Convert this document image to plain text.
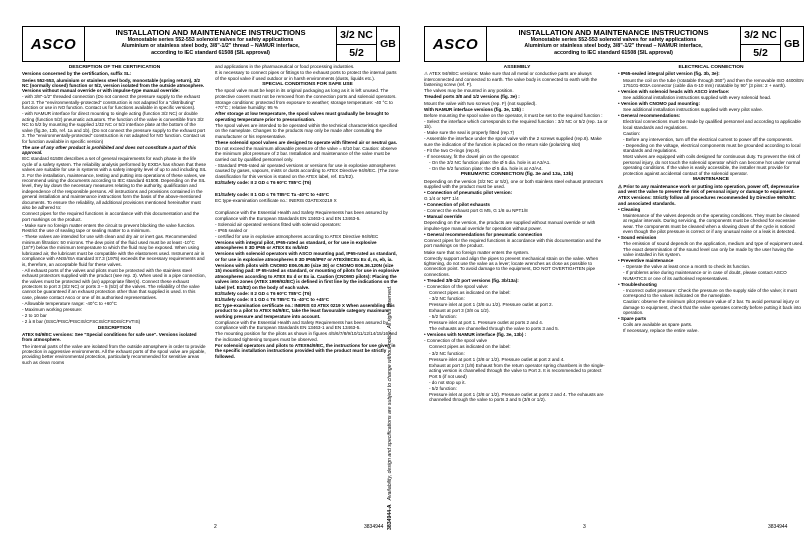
ASCO
INSTALLATION AND MAINTENANCE INSTRUCTIONS
Monostable series 552-553 solenoid valves for safety applications
Aluminium or stainless steel body, 3/8"-1/2" thread – NAMUR interface,
according to IEC standard 61508 (SIL approval)
3/2 NC
5/2
GB
DESCRIPTION OF THE CERTIFICATION

Versions concerned by the certification, suffix SL:

Series 552-553, aluminium or stainless steel body, monostable (spring return), 3/2 NC (normally closed) function or 5/2, version isolated from the outside atmosphere. Versions without manual override or with impulse-type manual override:

- with 3/8"-1/2" threaded connection (Do not connect the pressure supply to the exhaust port 3. The "environmentally-protected" construction is not adapted for a "distributing" function or use in NO function. Contact us for functions available in specific versions).

- with NAMUR interface for direct mounting to single acting (function 3/2 NC) or double acting (function 5/2) pneumatic actuators. The function of the valve is convertible from 3/2 NC to 5/2 by mounting the supplied 1/32 NC or 5/2 interface plate at the bottom of the valve (fig.3e, 13b, ref. 1a and 1b). (Do not connect the pressure supply to the exhaust port 3. The "environmentally-protected" construction is not adapted for NO function. Contact us for function available in specific version)

The use of any other product is prohibited and does not constitute a part of this approval.

IEC standard 61508 describes a set of general requirements for each phase in the life cycle of a safety system. The reliability analysis performed by EXIDA has shown that these valves are suitable for use in systems with a safety integrity level of up to and including SIL 3. For the installation, maintenance, testing and putting into operations of these valves, we recommend using the documents according to IEC standard 61508. Depending on the SIL level, they lay down the necessary measures relating to the authority, qualification and independence of the responsible persons. All instructions and provisions contained in the general installation and maintenance instructions form the basis of the above-mentioned documents. To ensure the reliability, all additional provisions mentioned hereinafter must also be adhered to:

Connect pipes for the required functions in accordance with this documentation and the port markings on the product.

- Make sure no foreign matter enters the circuit to prevent blocking the valve function. Restrict the use of sealing tape or sealing matter to a minimum.

- These valves are intended for use with clean and dry air or inert gas. Recommended minimum filtration: 50 microns. The dew point of the fluid used must be at least -10°C (18°F) below the minimum temperature to which the fluid may be exposed. When using lubricated air, the lubricant must be compatible with the elastomers used. Instrument air in compliance with ANSI/ISA standard S7.3 (1975) exceeds the necessary requirements and is, therefore, an acceptable fluid for these valves.

- All exhaust ports of the valves and pilots must be protected with the stainless steel exhaust protectors supplied with the product (see rep. 3). When used in a pipe connection, the valves must be protected with (an) appropriate filter(s). Connect these exhaust protectors to port 3 (3/2 NC) or ports 3 – 5 (5/2) of the valves. The reliability of the valve cannot be guaranteed if an exhaust protection other than that supplied is used. In this case, please contact Asco or one of its authorised representatives.

- Allowable temperature range: -40°C to +60°C

- Maximum working pressure:

- 2 to 10 bar

- 2 à 8 bar (ISSC/PISC/PISCIS/CFSCIS/CFSDIS/CFVTIS)

DESCRIPTION

ATEX 94/9/EC versions: See "Special conditions for safe use". Versions isolated from atmosphere.

The internal parts of the valve are isolated from the outside atmosphere in order to provide protection in aggressive environments. All the exhaust ports of the spool valve are pipable, providing better environmental protection, particularly recommended for sensitive areas such as clean rooms

and applications in the pharmaceutical or food processing industries.

It is necessary to connect pipes or fittings to the exhaust ports to protect the internal parts of the spool valve if used outdoor or in harsh environments (dusts, liquids etc.).

SPECIAL CONDITIONS FOR SAFE USE

The spool valve must be kept in its original packaging as long as it is left unused. The protective covers must not be removed from the connection ports and solenoid operators.

Storage conditions: protected from exposure to weather; storage temperature: -40 °C to +70°C ; relative humidity: 95 %

After storage at low temperature, the spool valves must gradually be brought to operating temperature prior to pressurisation.

The spool valves are intended to be operated within the technical characteristics specified on the nameplate. Changes to the products may only be made after consulting the manufacturer or his representative.

These solenoid spool valves are designed to operate with filtered air or neutral gas.

Do not exceed the maximum allowable pressure of the valve = 8/10 bar. Caution: observe the minimum pilot pressure of 2 bar. Installation and maintenance of the valve must be carried out by qualified personnel only.

- Standard IP65-rated air operated versions or versions for use in explosive atmospheres caused by gases, vapours, mists or dusts according to ATEX Directive 94/9/EC. (The zone classification for this version is stated on the ATEX label, ref. E1/E2).

E2/Safety code: II 2 GD c T6 60°C T85°C (T6)

E1/Safety code: II 1 GD c T6 T85°C Ta -40°C to +45°C

EC type-examination certificate no.: INERIS 03ATEX0219 X

Compliance with the Essential Health and Safety Requirements has been assured by compliance with the European Standards EN 13463-1 and EN 13463-5.

- Solenoid air operated versions fitted with solenoid operators:

- IP65 sealed or

- certified for use in explosive atmospheres according to ATEX Directive 94/9/EC

Versions with integral pilot, IP65-rated as standard, or for use in explosive atmospheres II 3D IP65 or ATEX Ex m/b/nD

Versions with solenoid operators with ASCO mounting pad, IP65-rated as standard, or for use in explosive atmospheres II 3D IP65/IP67 or ATEX/IECEx Ex d, m, eb, ia.

Versions with pilots with CNOMO E06.05.80 (size 30) or CNOMO E06.36.120N (size 15) mounting pad: IP 65-rated as standard, or mounting of pilots for use in explosive atmospheres according to ATEX Ex d or Ex ia. Caution (CNOMO pilots): Placing the valves into zones (ATEX 1999/92/EC) is defined in first line by the indications on the label (ref. E1/E2) on the body of each valve.

E2/Safety code: II 2 GD c T6 60°C T85°C (T6)

E1/Safety code: II 1 GD c T6 T85°C Ta -40°C to +45°C

EC type-examination certificate no.: INERIS 03 ATEX 0219 X When assembling this product to a pilot to ATEX 94/9/EC, take the least favourable category maximum working pressure and temperature into account.

Compliance with the Essential Health and Safety Requirements has been assured by compliance with the European Standards EN 13463-1 and EN 13463-5.

The mounting position for the pilots as shown in figures 4/5/6/7/8/9/10/11/12/14/15/16 and the indicated tightening torques must be observed.

For solenoid operators and pilots to ATEX94/9/EC, the instructions for use given in the specific installation instructions provided with the product must be strictly followed.

2	3834944 3834944-AAvailability, design and specifications are subject to change without notice. All rights reserved.
ASCO
INSTALLATION AND MAINTENANCE INSTRUCTIONS
Monostable series 552-553 solenoid valves for safety applications
Aluminium or stainless steel body, 3/8"-1/2" thread – NAMUR interface,
according to IEC standard 61508 (SIL approval)
3/2 NC
5/2
GB
ASSEMBLY

⚠ ATEX 94/9/EC versions: Make sure that all metal or conductive parts are always interconnected and connected to earth. The valve body is connected to earth with the fastening screw (ref. F).

The valves may be mounted in any position.

Treaded ports 3/8 and 1/2 versions (fig. 3e) :

Mount the valve with two screws (rep. F) (not supplied).

With NAMUR interface versions (fig. 3e, 13b) :

Before mounting the spool valve on the operator, it must be set to the required function :

- Select the interface which corresponds to the required function : 3/2 NC or 5/2 (rep. 1a or 1b).

- Make sure the seal is properly fitted (rep.7)

- Assemble the interface under the spool valve with the 2 screws supplied (rep.8). Make sure the indication of the function is placed on the return side (polarizing slot)

- Fit the two O-rings (rep.9).

- If necessary, fit the dowel pin on the operator:

- On the 3/2 NC function plate: the Ø 5 dia. hole is at A3/A1.

- On the 5/2 function plate: the Ø 5 dia. hole is at A3/A4.

PNEUMATIC CONNECTION (fig. 3e and 13a, 13b)

Depending on the version (3/2 NC or 5/2), one or both stainless steel exhaust protectors supplied with the product must be used.

• Connection of pneumatic pilot version:

G 1/4 or NPT 1/4

• Connection of pilot exhausts

- Connect the exhaust port G M5, G 1/8 ou NPT1/8

• Manual override

Depending on the version, the products are supplied without manual override or with impulse-type manual override for operation without power.

• General recommendations for pneumatic connection

Connect pipes for the required functions in accordance with this documentation and the port markings on the product.

Make sure that no foreign matter enters the system.

Correctly support and align the pipes to prevent mechanical strain on the valve. When tightening, do not use the valve as a lever; locate wrenches as close as possible to connection point. To avoid damage to the equipment, DO NOT OVERTIGHTEN pipe connections.

• Treaded 3/8-1/2 port versions (fig. 3b/13a):

- Connection of the spool valve:

Connect pipes as indicated on the label:

- 3/2 NC function:

Pressure inlet at port 1 (3/8 ou 1/2). Pressure outlet at port 2.

Exhaust at port 3 (3/8 ou 1/2).

- 5/2 function:

Pressure inlet at port 1. Pressure outlet at ports 2 and 4.

The exhausts are channelled through the valve to ports 3 and 5.

• Versions with NAMUR interface (fig. 3e, 13b) :

- Connection of the spool valve

Connect pipes as indicated on the label:

- 3/2 NC function:

Pressure inlet at port 1 (3/8 or 1/2). Pressure outlet at port 2 and 4.

Exhaust at port 3 (1/8) Exhaust from the return operator spring chambers in the single-acting version is channelled through the valve to Port 3. It is recommended to protect Port 5 (if not used)

- do not stop up it.

- 5/2 function:

Pressure inlet at port 1 (3/8 or 1/2). Pressure outlet at ports 2 and 4. The exhausts are channelled through the valve to ports 3 and 5 (3/8 or 1/2).

ELECTRICAL CONNECTION

• IP65-sealed integral pilot version (fig. 3b, 3e):

Mount the coil on the tube (rotatable through 360°) and then the removable ISO 4400/EN 175101-803A connector (cable dia 6-10 mm) rotatable by 90° (3 pins: 2 + earth).

• Version with solenoid heads with ASCO interface:

See additional installation instructions supplied with every solenoid head.

• Version with CNOMO pad mounting:

See additional installation instructions supplied with every pilot valve.

• General recommendations:

Electrical connections must be made by qualified personnel and according to applicable local standards and regulations.

Caution:

- Before any intervention, turn off the electrical current to power off the components.

- Depending on the voltage, electrical components must be grounded according to local standards and regulations.

Most valves are equipped with coils designed for continuous duty. To prevent the risk of personal injury, do not touch the solenoid operator which can become hot under normal operating conditions. If the valve is easily accessible, the installer must provide for protection against accidental contact of the solenoid operator.

MAINTENANCE

⚠ Prior to any maintenance work or putting into operation, power off, depressurise and vent the valve to prevent the risk of personal injury or damage to equipment.

ATEX versions: Strictly follow all procedures recommended by Directive 99/92/EC and associated standards.

• Cleaning

Maintenance of the valves depends on the operating conditions. They must be cleaned at regular intervals. During servicing, the components must be checked for excessive wear. The components must be cleaned when a slowing down of the cycle is noticed even though the pilot pressure is correct or if any unusual noise or a leak is detected.

• Sound emission

The emission of sound depends on the application, medium and type of equipment used. The exact determination of the sound level can only be made by the user having the valve installed in his system.

• Preventive maintenance

- Operate the valve at least once a month to check its function.

- If problems arise during maintenance or in case of doubt, please contact ASCO NUMATICS or one of its authorised representatives.

• Troubleshooting

- Incorrect outlet pressure: Check the pressure on the supply side of the valve; it must correspond to the values indicated on the nameplate.

Caution: observe the minimum pilot pressure value of 2 bar. To avoid personal injury or damage to equipment, check that the valve operates correctly before putting it back into operation.

• Spare parts

Coils are available as spare parts.

If necessary, replace the entire valve.

3	3834944
